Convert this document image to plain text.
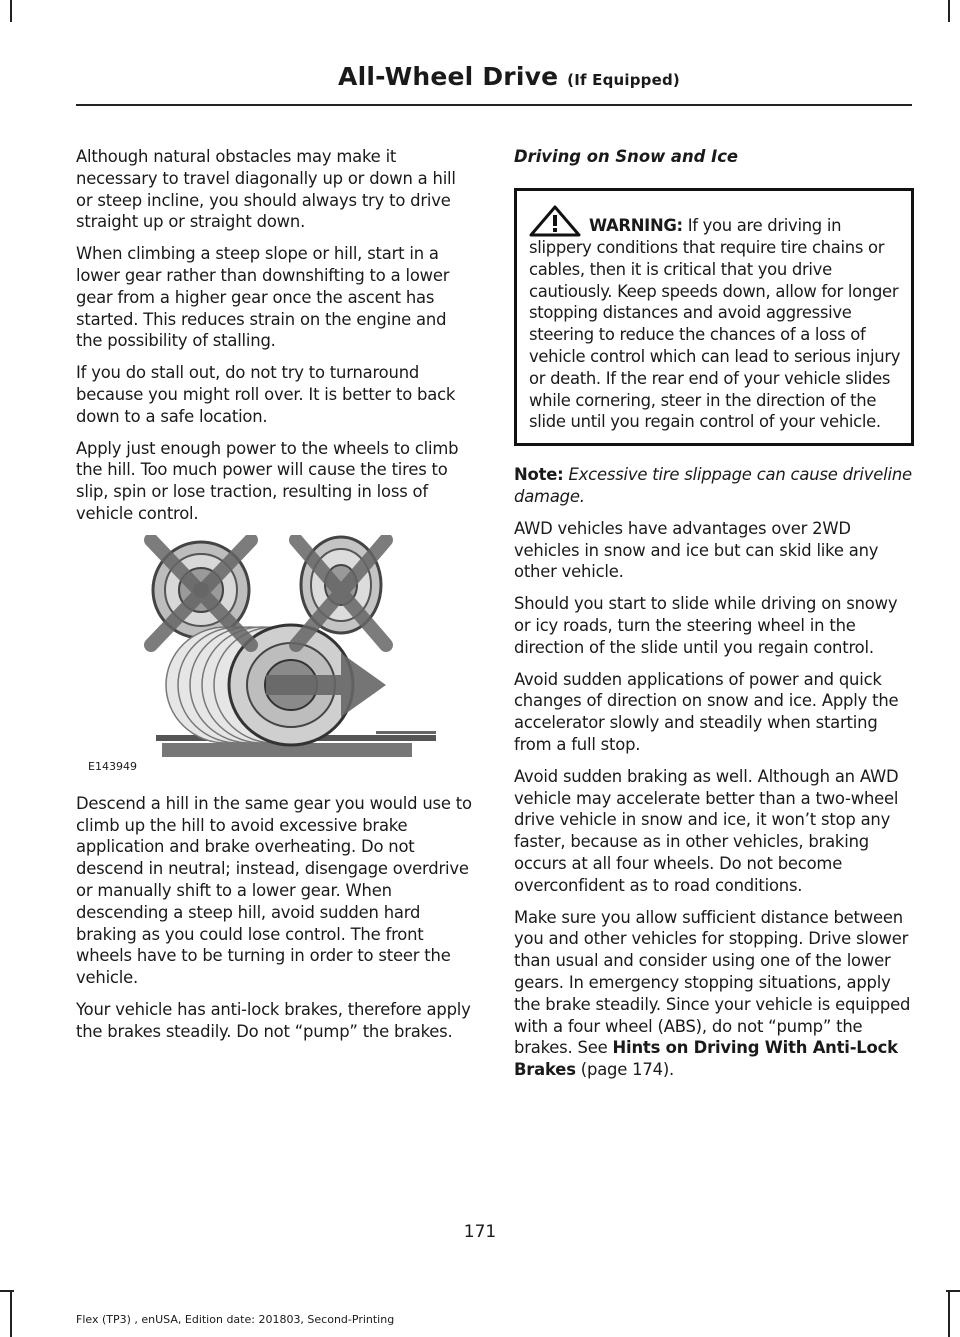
All-Wheel Drive (If Equipped)

Although natural obstacles may make it necessary to travel diagonally up or down a hill or steep incline, you should always try to drive straight up or straight down.

When climbing a steep slope or hill, start in a lower gear rather than downshifting to a lower gear from a higher gear once the ascent has started. This reduces strain on the engine and the possibility of stalling.

If you do stall out, do not try to turnaround because you might roll over. It is better to back down to a safe location.

Apply just enough power to the wheels to climb the hill. Too much power will cause the tires to slip, spin or lose traction, resulting in loss of vehicle control.

E143949

Descend a hill in the same gear you would use to climb up the hill to avoid excessive brake application and brake overheating. Do not descend in neutral; instead, disengage overdrive or manually shift to a lower gear. When descending a steep hill, avoid sudden hard braking as you could lose control. The front wheels have to be turning in order to steer the vehicle.

Your vehicle has anti-lock brakes, therefore apply the brakes steadily. Do not “pump” the brakes.

Driving on Snow and Ice

WARNING: If you are driving in slippery conditions that require tire chains or cables, then it is critical that you drive cautiously. Keep speeds down, allow for longer stopping distances and avoid aggressive steering to reduce the chances of a loss of vehicle control which can lead to serious injury or death. If the rear end of your vehicle slides while cornering, steer in the direction of the slide until you regain control of your vehicle.

Note: Excessive tire slippage can cause driveline damage.

AWD vehicles have advantages over 2WD vehicles in snow and ice but can skid like any other vehicle.

Should you start to slide while driving on snowy or icy roads, turn the steering wheel in the direction of the slide until you regain control.

Avoid sudden applications of power and quick changes of direction on snow and ice. Apply the accelerator slowly and steadily when starting from a full stop.

Avoid sudden braking as well. Although an AWD vehicle may accelerate better than a two-wheel drive vehicle in snow and ice, it won’t stop any faster, because as in other vehicles, braking occurs at all four wheels. Do not become overconfident as to road conditions.

Make sure you allow sufficient distance between you and other vehicles for stopping. Drive slower than usual and consider using one of the lower gears. In emergency stopping situations, apply the brake steadily. Since your vehicle is equipped with a four wheel (ABS), do not “pump” the brakes. See Hints on Driving With Anti-Lock Brakes (page 174).

171
Flex (TP3) , enUSA, Edition date: 201803, Second-Printing
